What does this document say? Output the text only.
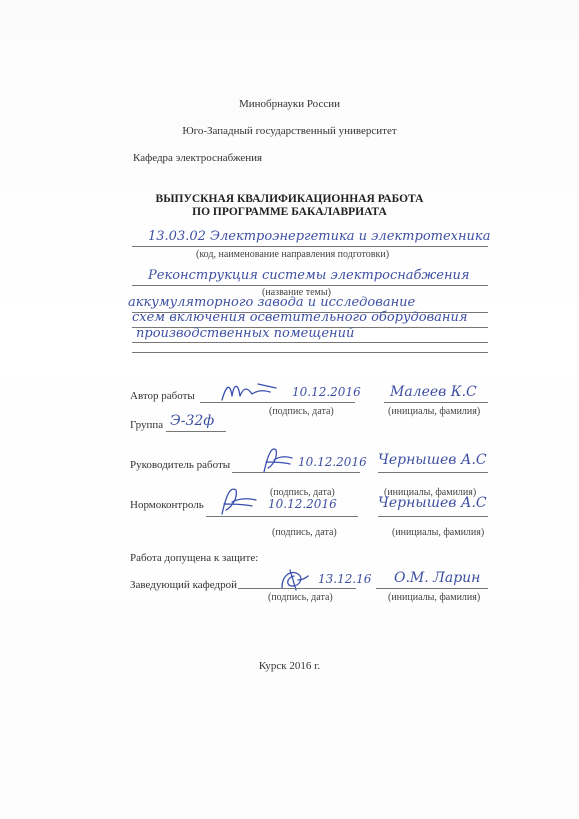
Минобрнауки России
Юго-Западный государственный университет
Кафедра электроснабжения
ВЫПУСКНАЯ КВАЛИФИКАЦИОННАЯ РАБОТА
ПО ПРОГРАММЕ БАКАЛАВРИАТА
13.03.02 Электроэнергетика и электротехника
(код, наименование направления подготовки)
Реконструкция системы электроснабжения
(название темы)
аккумуляторного завода и исследование
схем включения осветительного оборудования
производственных помещений
Автор работы	10.12.2016 Малеев К.С
(подпись, дата)	(инициалы, фамилия)
Группа Э-32ф
Руководитель работы	10.12.2016 Чернышев А.С
(подпись, дата)	(инициалы, фамилия)
Нормоконтроль	10.12.2016	Чернышев А.С
(подпись, дата)	(инициалы, фамилия)
Работа допущена к защите:
Заведующий кафедрой	13.12.16 О.М. Ларин
(подпись, дата)	(инициалы, фамилия)
Курск 2016 г.
